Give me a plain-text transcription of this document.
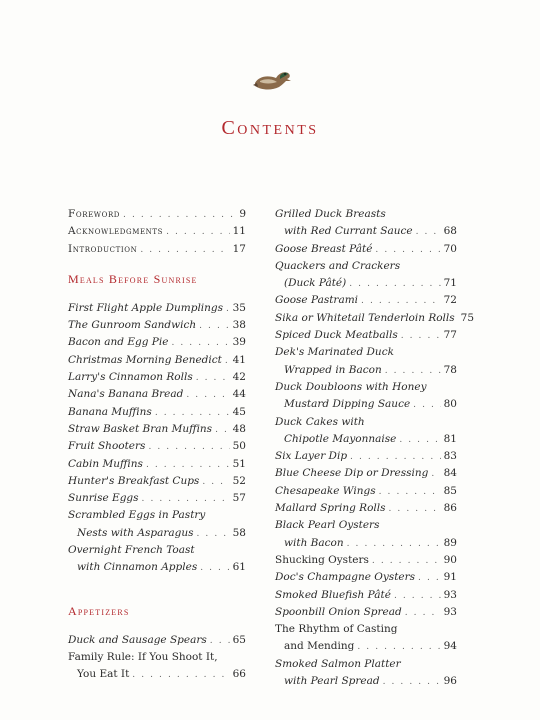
Contents
Foreword . . .	9
Acknowledgments . . .	11
Introduction . . .	17
Meals Before Sunrise
First Flight Apple Dumplings . . . 35
The Gunroom Sandwich . . .	38
Bacon and Egg Pie . . .	39
Christmas Morning Benedict . . . 41
Larry's Cinnamon Rolls . . .	42
Nana's Banana Bread . . .	44
Banana Muffins . . .	45
Straw Basket Bran Muffins . . . 48
Fruit Shooters . . .	50
Cabin Muffins . . .	51
Hunter's Breakfast Cups . . .	52
Sunrise Eggs . . .	57
Scrambled Eggs in Pastry
Nests with Asparagus . . .	58
Overnight French Toast
with Cinnamon Apples . . .	61
Appetizers
Duck and Sausage Spears . . . 65
Family Rule: If You Shoot It,
You Eat It . . .	66
Grilled Duck Breasts
with Red Currant Sauce . . .	68
Goose Breast Pâté . . .	70
Quackers and Crackers
(Duck Pâté) . . .	71
Goose Pastrami . . .	72
Sika or Whitetail Tenderloin Rolls 75
Spiced Duck Meatballs . . .	77
Dek's Marinated Duck
Wrapped in Bacon . . .	78
Duck Doubloons with Honey
Mustard Dipping Sauce . . .	80
Duck Cakes with
Chipotle Mayonnaise . . .	81
Six Layer Dip . . .	83
Blue Cheese Dip or Dressing . . . 84
Chesapeake Wings . . .	85
Mallard Spring Rolls . . .	86
Black Pearl Oysters
with Bacon . . .	89
Shucking Oysters . . .	90
Doc's Champagne Oysters . . .	91
Smoked Bluefish Pâté . . .	93
Spoonbill Onion Spread . . .	93
The Rhythm of Casting
and Mending . . .	94
Smoked Salmon Platter
with Pearl Spread . . .	96
